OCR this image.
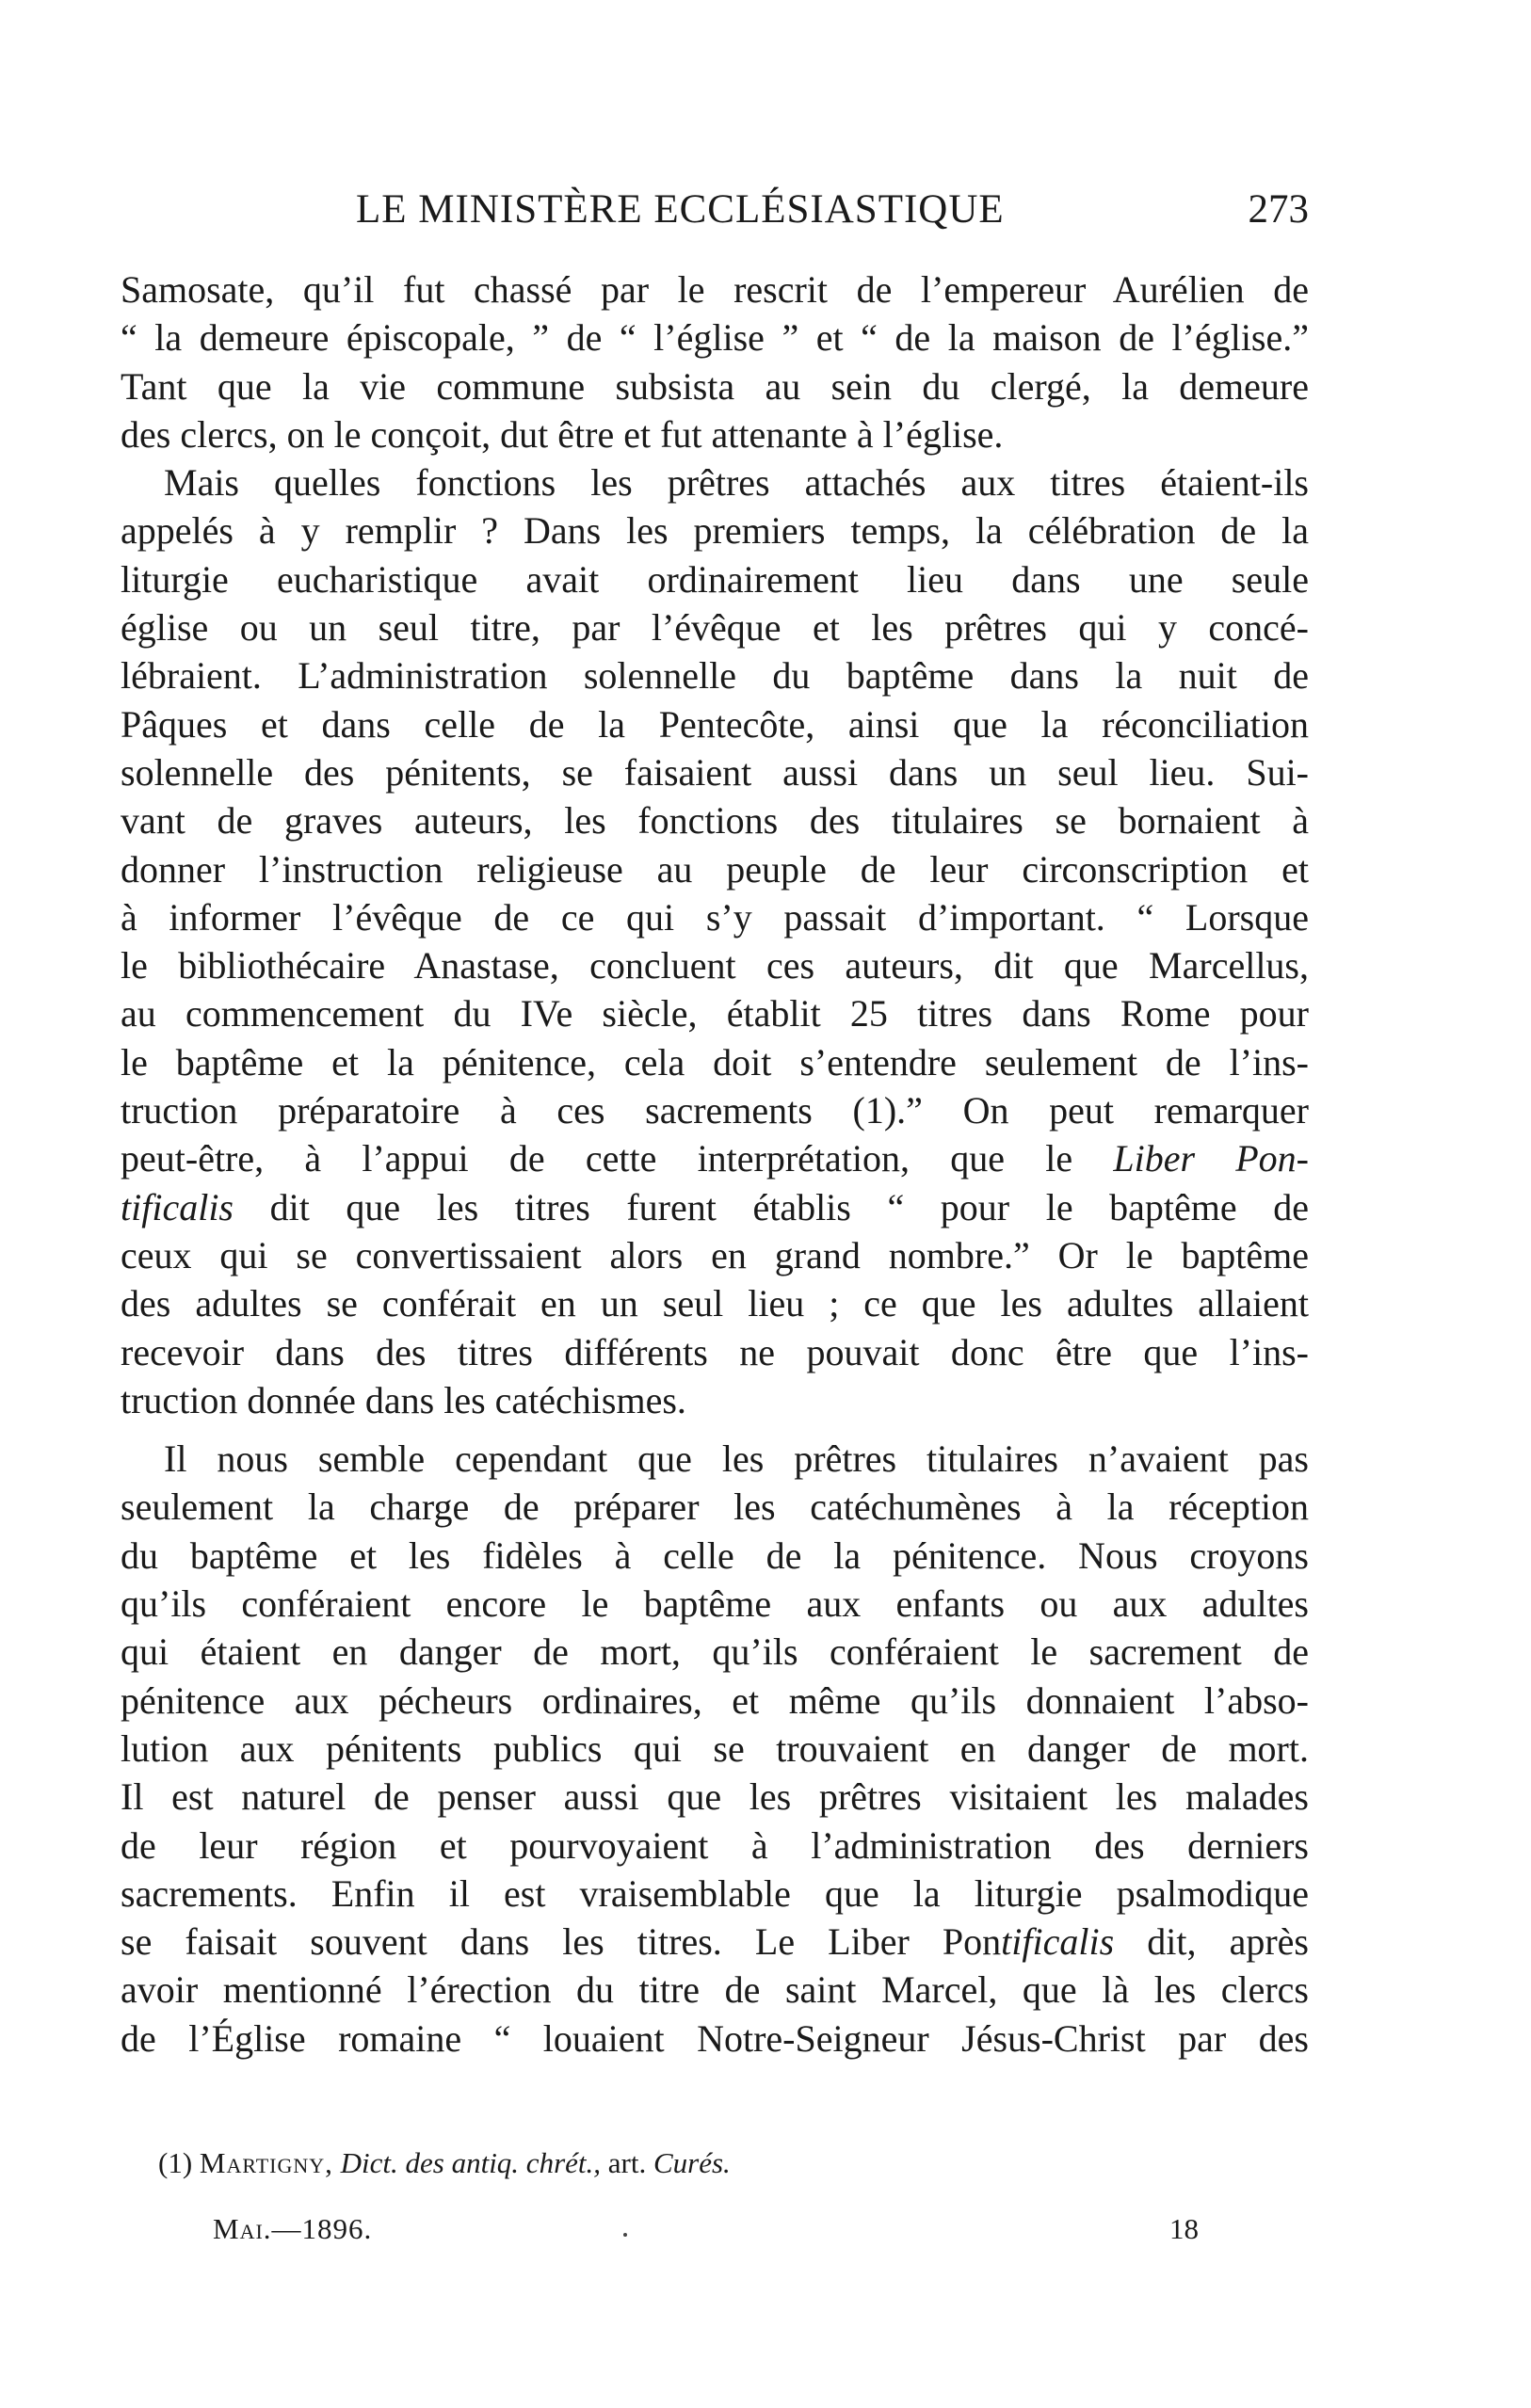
LE MINISTÈRE ECCLÉSIASTIQUE	273
Samosate, qu’il fut chassé par le rescrit de l’empereur Aurélien de
“ la demeure épiscopale, ” de “ l’église ” et “ de la maison de l’église.”
Tant que la vie commune subsista au sein du clergé, la demeure
des clercs, on le conçoit, dut être et fut attenante à l’église.
Mais quelles fonctions les prêtres attachés aux titres étaient-ils
appelés à y remplir ? Dans les premiers temps, la célébration de la
liturgie eucharistique avait ordinairement lieu dans une seule
église ou un seul titre, par l’évêque et les prêtres qui y concé-
lébraient. L’administration solennelle du baptême dans la nuit de
Pâques et dans celle de la Pentecôte, ainsi que la réconciliation
solennelle des pénitents, se faisaient aussi dans un seul lieu. Sui-
vant de graves auteurs, les fonctions des titulaires se bornaient à
donner l’instruction religieuse au peuple de leur circonscription et
à informer l’évêque de ce qui s’y passait d’important. “ Lorsque
le bibliothécaire Anastase, concluent ces auteurs, dit que Marcellus,
au commencement du IVe siècle, établit 25 titres dans Rome pour
le baptême et la pénitence, cela doit s’entendre seulement de l’ins-
truction préparatoire à ces sacrements (1).” On peut remarquer
peut-être, à l’appui de cette interprétation, que le Liber Pon-
tificalis dit que les titres furent établis “ pour le baptême de
ceux qui se convertissaient alors en grand nombre.” Or le baptême
des adultes se conférait en un seul lieu ; ce que les adultes allaient
recevoir dans des titres différents ne pouvait donc être que l’ins-
truction donnée dans les catéchismes.
Il nous semble cependant que les prêtres titulaires n’avaient pas
seulement la charge de préparer les catéchumènes à la réception
du baptême et les fidèles à celle de la pénitence. Nous croyons
qu’ils conféraient encore le baptême aux enfants ou aux adultes
qui étaient en danger de mort, qu’ils conféraient le sacrement de
pénitence aux pécheurs ordinaires, et même qu’ils donnaient l’abso-
lution aux pénitents publics qui se trouvaient en danger de mort.
Il est naturel de penser aussi que les prêtres visitaient les malades
de leur région et pourvoyaient à l’administration des derniers
sacrements. Enfin il est vraisemblable que la liturgie psalmodique
se faisait souvent dans les titres. Le Liber Pontificalis dit, après
avoir mentionné l’érection du titre de saint Marcel, que là les clercs
de l’Église romaine “ louaient Notre-Seigneur Jésus-Christ par des
(1) Martigny, Dict. des antiq. chrét., art. Curés.
Mai.—1896.	18
